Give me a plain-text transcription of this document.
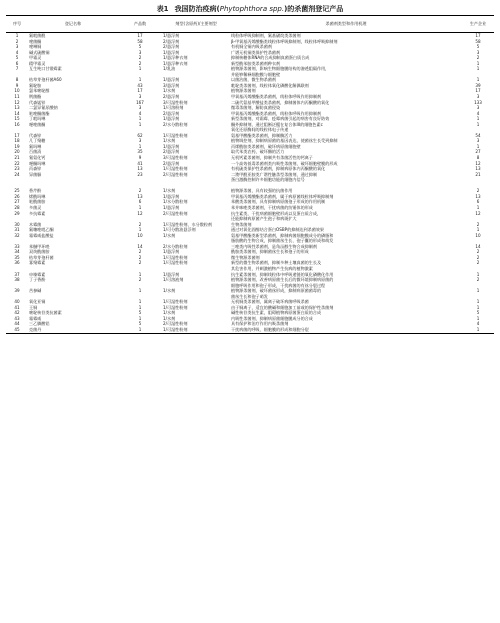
表1 我国防治疫病(Phytophthora spp.)的杀菌剂登记产品
序号	登记名称	产品数	剂型(含原药)/主要剂型	杀菌剂类型和作用机理	生产企业
1	氟吡菌酰	17	1/悬浮剂	线粒体呼吸抑制剂，氟基磺烷类杀菌剂	17
2	喹菌酮	58	2/悬浮剂	β-甲氧基丙烯酸酯类线粒体呼吸抑制剂，线粒体呼吸抑制剂	58
3	喹啉铜	5	2/悬浮剂	有机铜全铜内吸杀菌剂	5
4	碱式硫酸铜	3	1/悬浮剂	广谱无机铜类保护性杀菌剂	3
5	甲霜灵	2	1/悬浮种衣剂	抑制核糖体RNA的合成抑制真菌蛋白质合成	2
6	精甲霜灵	2	1/悬浮种衣剂	新型酰苯胺类杀菌剂种衣剂	1
7	互生吨口甘锻霉素	1	1/乳油	植物源杀菌剂，影响生物细胞膜结构的渗透阻隔作用，	1
				并能够稀释细胞膜与细胞壁	
8	枯草芽孢杆菌A60	1	1/悬浮剂	以菌治菌，微生物杀菌剂	1
9	氟啶胺	43	3/悬浮剂	吡啶类杀菌剂，线粒体氧化磷酸化解偶联剂	39
10	氯苯嘧啶醇	17	1/水剂	植物源杀菌剂	17
11	荆菌酯	3	2/悬浮剂	甲氧基丙烯酸酯类杀菌剂，线粒体呼吸作用抑制剂	3
12	代森锰锌	167	3/可湿性粉剂	二硫代氨基甲酸盐类杀菌剂，抑制菌体内丙酮酸的氧化	133
13	二氯异氰尿酸钠	3	1/可溶粉剂	微毒杀菌剂，解防真菌侵染	3
14	哒唑酮菌酯	4	2/悬浮剂	甲氧基丙烯酸酯类杀菌剂，线粒体呼吸作用抑制剂	4
15	丁吡吗啉	1	1/悬浮剂	新型杀菌剂，对霜霉、疫霉病菌引起的病害有良好防效	1
16	噁唑菌酮	1	2/水分散粒剂	酮外抑制剂，通过阻断泛醌在复合体III的细胞色素c	1
				氧化还原酶间的线粒体电子传递	
17	代森锌	62	1/可湿性粉剂	氨基甲酸酯类杀菌剂，抑制酶活力	54
18	几丁聚糖	3	1/水剂	植物调控剂，抑制病原菌的基因表达，使菌丝生长受到抑制	3
19	氟吗啉	1	1/悬浮剂	丙烯酰胺类杀菌剂，破坏病原菌细胞壁	1
20	百菌清	35	2/悬浮剂	取代苯类农药，破坏酶的活力	27
21	氰氨化钙	9	3/可湿性粉剂	无机钙素杀菌剂，抑制共有杀菌活性的钙离子	8
22	噁酮吗啉	41	2/悬浮剂	一个高效低毒杀菌剂类内吸性杀菌剂，破坏细胞壁膜的形成	12
23	丙森锌	13	1/可湿性粉剂	有机硫类保护性杀菌剂，抑制病原体内丙酮酸的氧化	13
24	异菌脲	23	2/可湿性粉剂	二羧甲酰亚胺类广谱性触杀型杀菌剂，通过抑制	21
				蛋白激酶控制许多细胞功能的细胞内信号	

25	香芹酚	2	1/水剂	植物源杀菌，具有较强的抗菌作用	2
26	烯酰吗啉	13	1/悬浮剂	甲氧基丙烯酸酯类杀菌剂，属于病原菌线粒体呼吸抑制剂	13
27	哒酰菌胺	6	1/水分散粒剂	苯酸类杀菌剂，具有抑制病原菌孢子形成的作用机制	6
28	多菌灵	1	1/悬浮剂	苯并咪唑类杀菌剂，干扰病菌的纺锤体的形成	1
29	多抗霉素	12	2/可湿性粉剂	抗生素类，干扰病菌细胞壁形成以及蛋白质合成，	12
				还能抑制病原菌产生孢子和病斑扩大	
30	木霉菌	2	1/可湿性粉剂、水分散粒剂	生物杀菌剂	2
31	氟噻唑吡乙酮	1	1/可分散油悬浮剂	通过对氧化固醇结合蛋白OSBP的抑制达到杀菌效果	1
32	霜霉威盐酸盐	10	1/水剂	氨基甲酸酯类新型杀菌剂，抑制病菌细胞膜成分的磷脂和	10
				脂肪酸的生物合成，抑制菌丝生长、孢子囊的形成和萌发	
33	苯醚甲环唑	14	2/水分散粒剂	三唑类内吸性杀菌剂，是角甾醇生物合成抑制剂	14
34	双炔酰菌胺	2	1/悬浮剂	酰胺类杀菌剂，抑制菌丝生长和孢子的形成	2
35	枯草芽孢杆菌	2	1/可湿性粉剂	微生物源杀菌剂	2
36	寡聚霉素	2	1/可湿性粉剂	新型的微生物杀菌剂，抑制多种土壤真菌的生长及	2
				其危害作用，并刺激植物产生抗病的植物激素	
37	申嗪霉素	1	1/悬浮剂	抗生素杀菌剂，抑制线粒体中呼吸递链的氧化磷酸化作用	1
38	丁子香酚	2	1/可溶液剂	植物源杀菌剂，改善病原菌生长后的微环境抑制病原菌的	2
				细胞呼吸作用和孢子形成，干扰病菌的有丝分裂过程	
39	苦参碱	1	1/水剂	植物源杀菌剂，破坏菌丝形成，抑制病原菌菌毒的	1
				菌丝生长和孢子萌发	
40	氧化亚铜	1	1/可湿性粉剂	无机铜类杀菌剂，属离子破坏病菌呼吸杀菌	1
41	王铜	1	1/可湿性粉剂	由于铜离子，适宜的酸碱和细胞加工前或的保护性杀菌剂	1
42	嘧啶核苷类抗菌素	5	1/水剂	碱性核苷类抗生素，阻碍植物病原菌蛋白质的合成	5
43	霜霉威	1	1/水剂	内吸性杀菌剂，抑制病原菌细胞膜成分的合成	1
44	三乙膦酸铝	5	2/可湿性粉剂	具有保护和治疗作用内吸杀菌剂	4
45	克菌丹	1	1/可湿性粉剂	干扰病菌的呼吸、细胞膜的形成和细胞分裂	1
